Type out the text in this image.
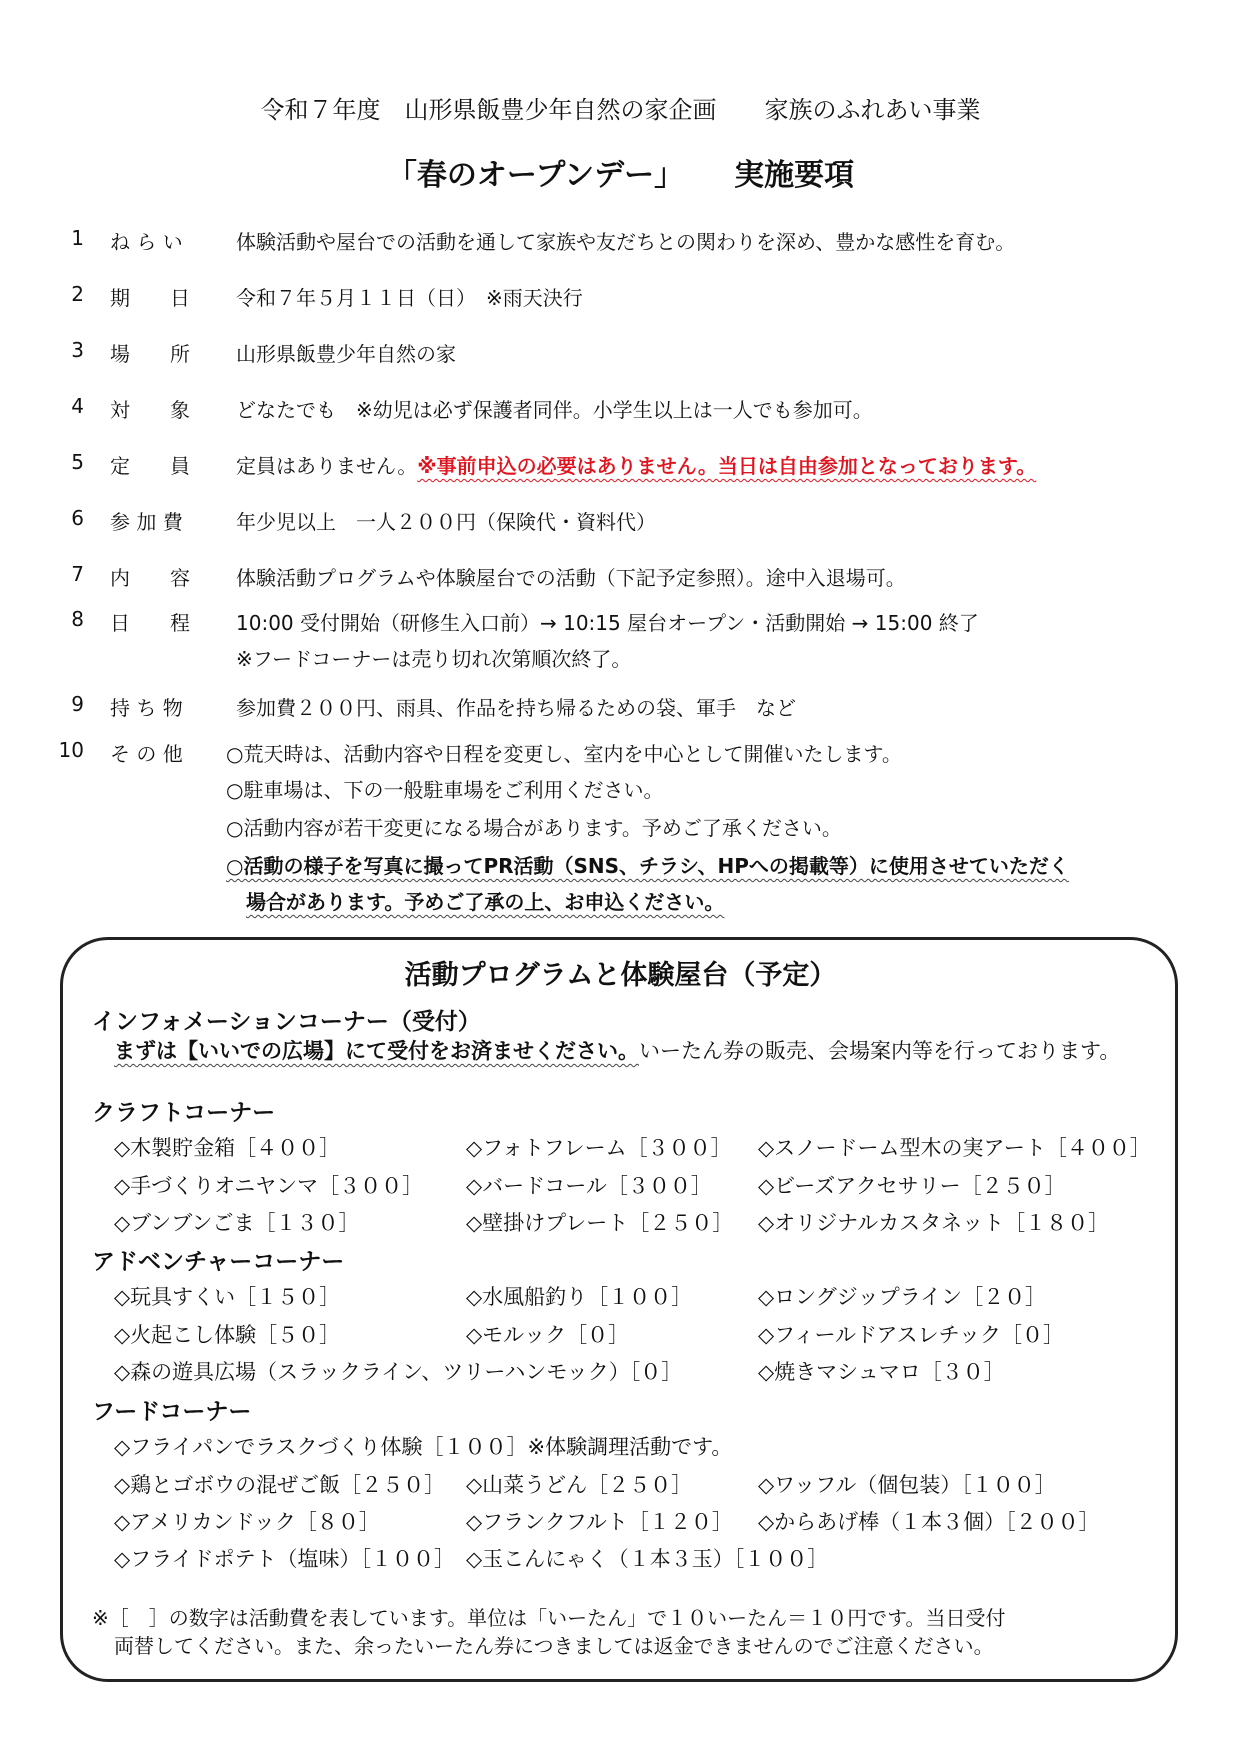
令和７年度　山形県飯豊少年自然の家企画　　家族のふれあい事業
「春のオープンデー」 実施要項
1 ね ら い	体験活動や屋台での活動を通して家族や友だちとの関わりを深め、豊かな感性を育む。
2 期　　日 令和７年５月１１日（日）　※雨天決行
3 場　　所 山形県飯豊少年自然の家
4 対　　象 どなたでも　※幼児は必ず保護者同伴。小学生以上は一人でも参加可。
5 定　　員 定員はありません。※事前申込の必要はありません。当日は自由参加となっております。
6 参 加 費	年少児以上　一人２００円（保険代・資料代）
7 内　　容 体験活動プログラムや体験屋台での活動（下記予定参照）。途中入退場可。
8 日　　程 10:00 受付開始（研修生入口前）→ 10:15 屋台オープン・活動開始 → 15:00 終了
※フードコーナーは売り切れ次第順次終了。
9 持 ち 物	参加費２００円、雨具、作品を持ち帰るための袋、軍手　など
10 そ の 他 ○荒天時は、活動内容や日程を変更し、室内を中心として開催いたします。
○駐車場は、下の一般駐車場をご利用ください。
○活動内容が若干変更になる場合があります。予めご了承ください。
○活動の様子を写真に撮ってPR活動（SNS、チラシ、HPへの掲載等）に使用させていただく
場合があります。予めご了承の上、お申込ください。
活動プログラムと体験屋台（予定）
インフォメーションコーナー（受付）
まずは【いいでの広場】にて受付をお済ませください。いーたん券の販売、会場案内等を行っております。
クラフトコーナー
◇木製貯金箱［４００］	◇フォトフレーム［３００］ ◇スノードーム型木の実アート［４００］
◇手づくりオニヤンマ［３００］ ◇バードコール［３００］ ◇ビーズアクセサリー［２５０］
◇ブンブンごま［１３０］	◇壁掛けプレート［２５０］ ◇オリジナルカスタネット［１８０］
アドベンチャーコーナー
◇玩具すくい［１５０］	◇水風船釣り［１００］	◇ロングジップライン［２０］
◇火起こし体験［５０］	◇モルック［０］	◇フィールドアスレチック［０］
◇森の遊具広場（スラックライン、ツリーハンモック）［０］	◇焼きマシュマロ［３０］
フードコーナー
◇フライパンでラスクづくり体験［１００］※体験調理活動です。
◇鶏とゴボウの混ぜご飯［２５０］ ◇山菜うどん［２５０］	◇ワッフル（個包装）［１００］
◇アメリカンドック［８０］	◇フランクフルト［１２０］ ◇からあげ棒（１本３個）［２００］
◇フライドポテト（塩味）［１００］ ◇玉こんにゃく（１本３玉）［１００］
※［　］の数字は活動費を表しています。単位は「いーたん」で１０いーたん＝１０円です。当日受付
両替してください。また、余ったいーたん券につきましては返金できませんのでご注意ください。
